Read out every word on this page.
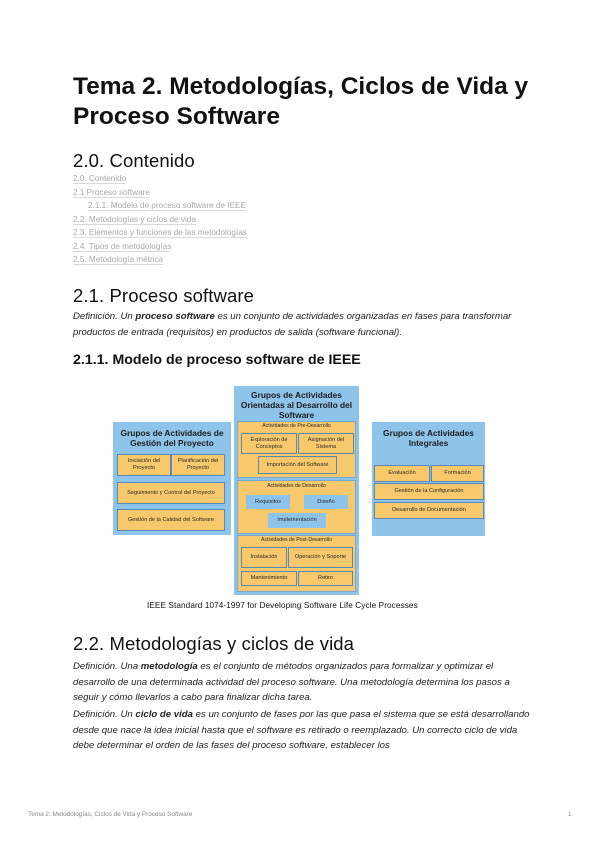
Tema 2. Metodologías, Ciclos de Vida y Proceso Software
2.0. Contenido
2.0. Contenido
2.1 Proceso software
2.1.1. Modelo de proceso software de IEEE
2.2. Metodologías y ciclos de vida
2.3. Elementos y funciones de las metodologías
2.4. Tipos de metodologías
2.5. Metodología métrica
2.1. Proceso software

Definición. Un proceso software es un conjunto de actividades organizadas en fases para transformar productos de entrada (requisitos) en productos de salida (software funcional).

2.1.1. Modelo de proceso software de IEEE
Grupos de Actividades de Gestión del Proyecto
Iniciación del Proyecto
Planificación del Proyecto
Seguimiento y Control del Proyecto
Gestión de la Calidad del Software
Grupos de Actividades Orientadas al Desarrollo del Software
Actividades de Pre-Desarrollo
Exploración de Conceptos
Asignación del Sistema
Importación del Software
Actividades de Desarrollo
Requisitos	Diseño
Implementación
Actividades de Post-Desarrollo
Instalación	Operación y Soporte
Mantenimiento	Retiro
Grupos de Actividades Integrales
Evaluación	Formación
Gestión de la Configuración
Desarrollo de Documentación
IEEE Standard 1074-1997 for Developing Software Life Cycle Processes
2.2. Metodologías y ciclos de vida

Definición. Una metodología es el conjunto de métodos organizados para formalizar y optimizar el desarrollo de una determinada actividad del proceso software. Una metodología determina los pasos a seguir y cómo llevarlos a cabo para finalizar dicha tarea.

Definición. Un ciclo de vida es un conjunto de fases por las que pasa el sistema que se está desarrollando desde que nace la idea inicial hasta que el software es retirado o reemplazado. Un correcto ciclo de vida debe determinar el orden de las fases del proceso software, establecer los

Tema 2. Metodologías, Ciclos de Vida y Proceso Software	1
